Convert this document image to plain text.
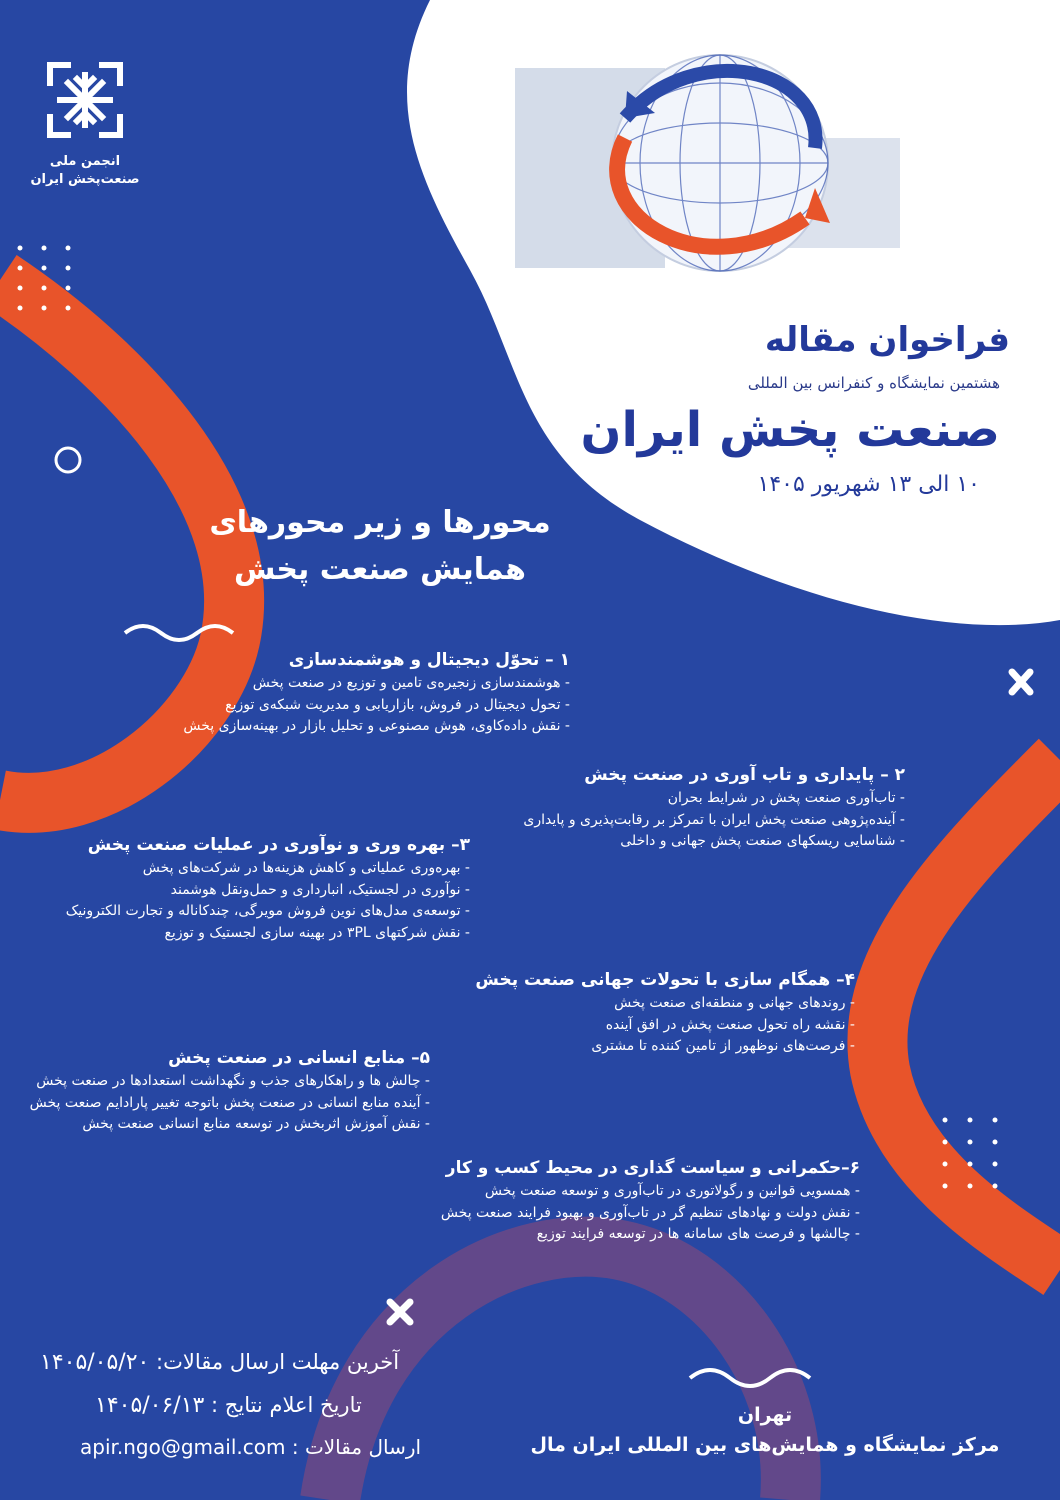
انجمن ملی
صنعت‌پخش ایران
فراخوان مقاله
هشتمین نمایشگاه و کنفرانس بین المللی
صنعت پخش ایران
۱۰ الی ۱۳ شهریور ۱۴۰۵
محورها و زیر محورهای
همایش صنعت پخش
۱ – تحوّل دیجیتال و هوشمندسازی
- هوشمندسازی زنجیره‌ی تامین و توزیع در صنعت پخش
- تحول دیجیتال در فروش، بازاریابی و مدیریت شبکه‌ی توزیع
- نقش داده‌کاوی، هوش مصنوعی و تحلیل بازار در بهینه‌سازی پخش
۲ – پایداری و تاب آوری در صنعت پخش
- تاب‌آوری صنعت پخش در شرایط بحران
- آینده‌پژوهی صنعت پخش ایران با تمرکز بر رقابت‌پذیری و پایداری
- شناسایی ریسکهای صنعت پخش جهانی و داخلی
۳– بهره وری و نوآوری در عملیات صنعت پخش
- بهره‌وری عملیاتی و کاهش هزینه‌ها در شرکت‌های پخش
- نوآوری در لجستیک، انبارداری و حمل‌ونقل هوشمند
- توسعه‌ی مدل‌های نوین فروش مویرگی، چندکاناله و تجارت الکترونیک
- نقش شرکتهای ۳PL در بهینه سازی لجستیک و توزیع
۴– همگام سازی با تحولات جهانی صنعت پخش
- روندهای جهانی و منطقه‌ای صنعت پخش
- نقشه راه تحول صنعت پخش در افق آینده
- فرصت‌های نوظهور از تامین کننده تا مشتری
۵– منابع انسانی در صنعت پخش
- چالش ها و راهکارهای جذب و نگهداشت استعدادها در صنعت پخش
- آینده منابع انسانی در صنعت پخش باتوجه تغییر پارادایم صنعت پخش
- نقش آموزش اثربخش در توسعه منابع انسانی صنعت پخش
۶–حکمرانی و سیاست گذاری در محیط کسب و کار
- همسویی قوانین و رگولاتوری در تاب‌آوری و توسعه صنعت پخش
- نقش دولت و نهادهای تنظیم گر در تاب‌آوری و بهبود فرایند صنعت پخش
- چالشها و فرصت های سامانه ها در توسعه فرایند توزیع
آخرین مهلت ارسال مقالات: ۱۴۰۵/۰۵/۲۰
تاریخ اعلام نتایج : ۱۴۰۵/۰۶/۱۳
ارسال مقالات : apir.ngo@gmail.com
تهران
مرکز نمایشگاه و همایش‌های بین المللی ایران مال
